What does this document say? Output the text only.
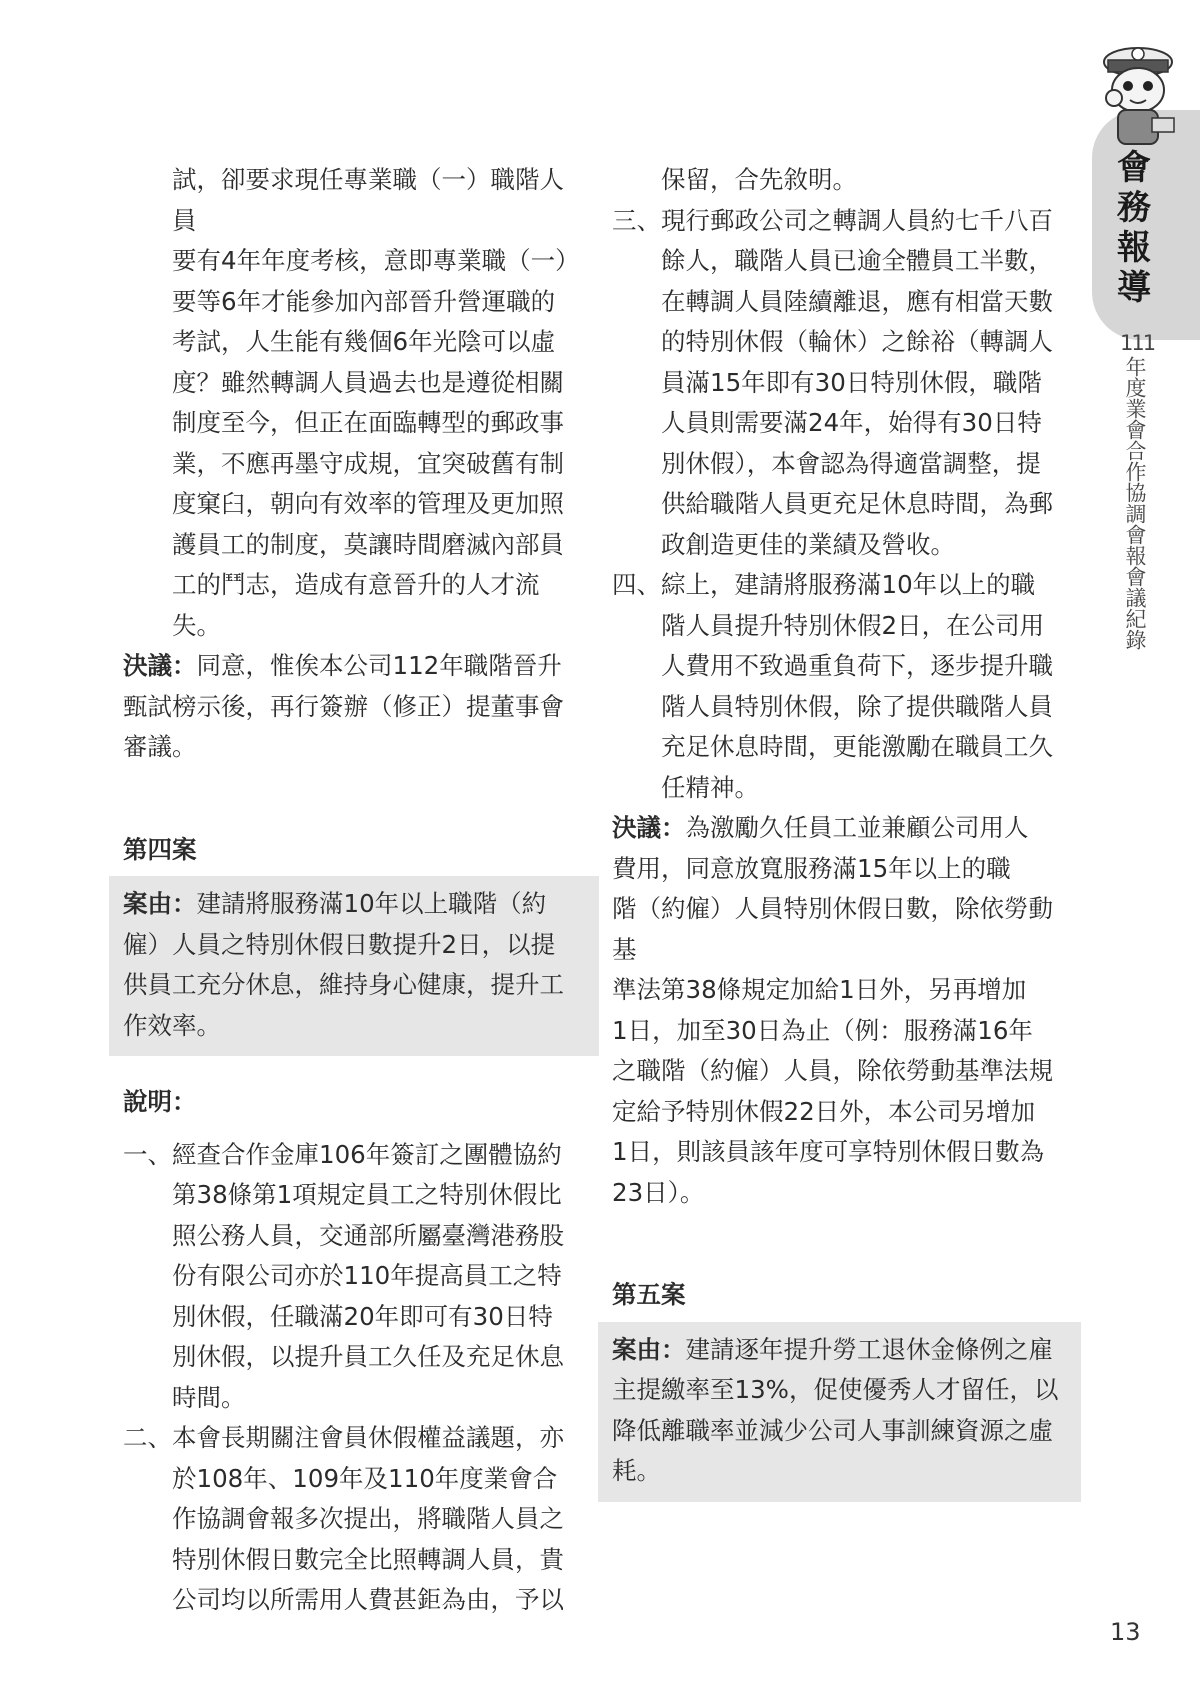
會
務
報
導
111
年度業會合作協調會報會議紀錄
試，卻要求現任專業職（一）職階人員
要有4年年度考核，意即專業職（一）
要等6年才能參加內部晉升營運職的
考試，人生能有幾個6年光陰可以虛
度？雖然轉調人員過去也是遵從相關
制度至今，但正在面臨轉型的郵政事
業，不應再墨守成規，宜突破舊有制
度窠臼，朝向有效率的管理及更加照
護員工的制度，莫讓時間磨滅內部員
工的鬥志，造成有意晉升的人才流失。
決議：同意，惟俟本公司112年職階晉升
甄試榜示後，再行簽辦（修正）提董事會
審議。
第四案
案由：建請將服務滿10年以上職階（約
僱）人員之特別休假日數提升2日，以提
供員工充分休息，維持身心健康，提升工
作效率。
說明：
一、 經查合作金庫106年簽訂之團體協約
第38條第1項規定員工之特別休假比
照公務人員，交通部所屬臺灣港務股
份有限公司亦於110年提高員工之特
別休假，任職滿20年即可有30日特
別休假，以提升員工久任及充足休息
時間。
二、 本會長期關注會員休假權益議題，亦
於108年、109年及110年度業會合
作協調會報多次提出，將職階人員之
特別休假日數完全比照轉調人員，貴
公司均以所需用人費甚鉅為由，予以
保留，合先敘明。
三、 現行郵政公司之轉調人員約七千八百
餘人，職階人員已逾全體員工半數，
在轉調人員陸續離退，應有相當天數
的特別休假（輪休）之餘裕（轉調人
員滿15年即有30日特別休假，職階
人員則需要滿24年，始得有30日特
別休假），本會認為得適當調整，提
供給職階人員更充足休息時間，為郵
政創造更佳的業績及營收。
四、 綜上，建請將服務滿10年以上的職
階人員提升特別休假2日，在公司用
人費用不致過重負荷下，逐步提升職
階人員特別休假，除了提供職階人員
充足休息時間，更能激勵在職員工久
任精神。
決議：為激勵久任員工並兼顧公司用人
費用，同意放寬服務滿15年以上的職
階（約僱）人員特別休假日數，除依勞動基
準法第38條規定加給1日外，另再增加
1日，加至30日為止（例：服務滿16年
之職階（約僱）人員，除依勞動基準法規
定給予特別休假22日外，本公司另增加
1日，則該員該年度可享特別休假日數為
23日）。
第五案
案由：建請逐年提升勞工退休金條例之雇
主提繳率至13%，促使優秀人才留任，以
降低離職率並減少公司人事訓練資源之虛
耗。
13
